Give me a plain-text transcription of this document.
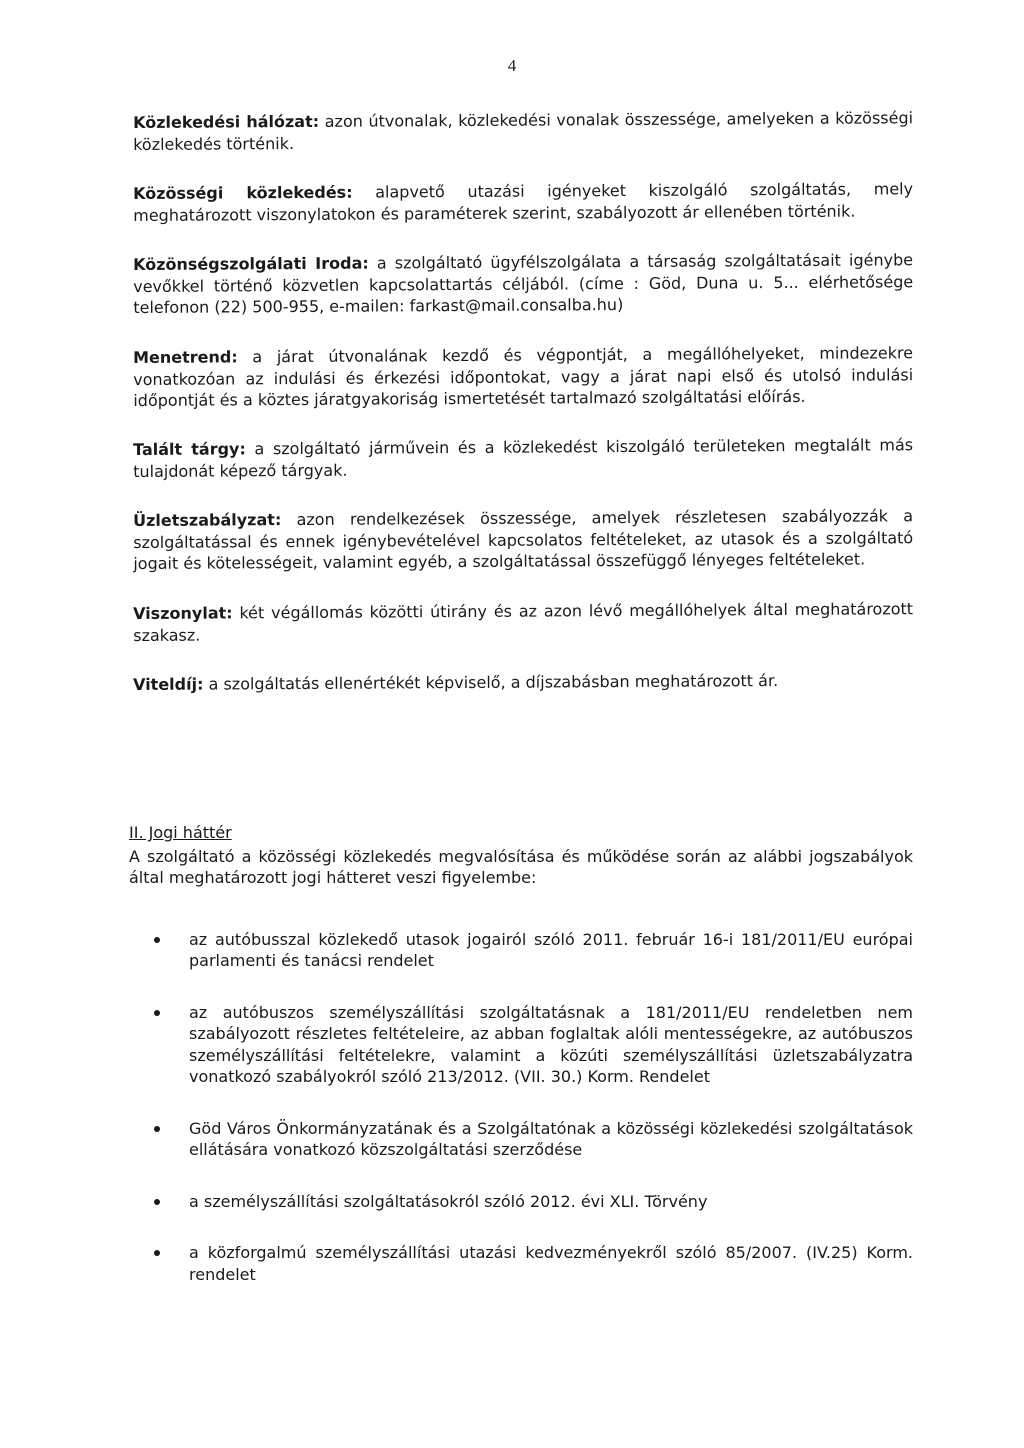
4

Közlekedési hálózat: azon útvonalak, közlekedési vonalak összessége, amelyeken a közösségi közlekedés történik.

Közösségi közlekedés: alapvető utazási igényeket kiszolgáló szolgáltatás, mely meghatározott viszonylatokon és paraméterek szerint, szabályozott ár ellenében történik.

Közönségszolgálati Iroda: a szolgáltató ügyfélszolgálata a társaság szolgáltatásait igénybe vevőkkel történő közvetlen kapcsolattartás céljából. (címe : Göd, Duna u. 5... elérhetősége telefonon (22) 500-955, e-mailen: farkast@mail.consalba.hu)

Menetrend: a járat útvonalának kezdő és végpontját, a megállóhelyeket, mindezekre vonatkozóan az indulási és érkezési időpontokat, vagy a járat napi első és utolsó indulási időpontját és a köztes járatgyakoriság ismertetését tartalmazó szolgáltatási előírás.

Talált tárgy: a szolgáltató járművein és a közlekedést kiszolgáló területeken megtalált más tulajdonát képező tárgyak.

Üzletszabályzat: azon rendelkezések összessége, amelyek részletesen szabályozzák a szolgáltatással és ennek igénybevételével kapcsolatos feltételeket, az utasok és a szolgáltató jogait és kötelességeit, valamint egyéb, a szolgáltatással összefüggő lényeges feltételeket.

Viszonylat: két végállomás közötti útirány és az azon lévő megállóhelyek által meghatározott szakasz.

Viteldíj: a szolgáltatás ellenértékét képviselő, a díjszabásban meghatározott ár.

II. Jogi háttér

A szolgáltató a közösségi közlekedés megvalósítása és működése során az alábbi jogszabályok által meghatározott jogi hátteret veszi figyelembe:

az autóbusszal közlekedő utasok jogairól szóló 2011. február 16-i 181/2011/EU európai parlamenti és tanácsi rendelet
az autóbuszos személyszállítási szolgáltatásnak a 181/2011/EU rendeletben nem szabályozott részletes feltételeire, az abban foglaltak alóli mentességekre, az autóbuszos személyszállítási feltételekre, valamint a közúti személyszállítási üzletszabályzatra vonatkozó szabályokról szóló 213/2012. (VII. 30.) Korm. Rendelet
Göd Város Önkormányzatának és a Szolgáltatónak a közösségi közlekedési szolgáltatások ellátására vonatkozó közszolgáltatási szerződése
a személyszállítási szolgáltatásokról szóló 2012. évi XLI. Törvény
a közforgalmú személyszállítási utazási kedvezményekről szóló 85/2007. (IV.25) Korm. rendelet
